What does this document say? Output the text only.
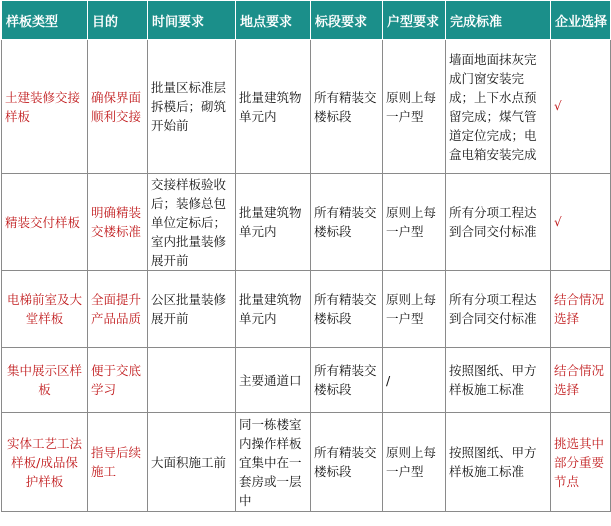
样板类型	目的	时间要求	地点要求	标段要求	户型要求	完成标准	企业选择
土建装修交接样板	确保界面顺利交接	批量区标准层拆模后；砌筑开始前	批量建筑物单元内	所有精装交楼标段	原则上每一户型	墙面地面抹灰完成门窗安装完成；上下水点预留完成；煤气管道定位完成；电盒电箱安装完成	√
精装交付样板	明确精装交楼标准	交接样板验收后；装修总包单位定标后；室内批量装修展开前	批量建筑物单元内	所有精装交楼标段	原则上每一户型	所有分项工程达到合同交付标准	√
电梯前室及大堂样板	全面提升产品品质	公区批量装修展开前	批量建筑物单元内	所有精装交楼标段	原则上每一户型	所有分项工程达到合同交付标准	结合情况选择
集中展示区样板	便于交底学习		主要通道口	所有精装交楼标段	/	按照图纸、甲方样板施工标准	结合情况选择
实体工艺工法样板/成品保护样板	指导后续施工	大面积施工前	同一栋楼室内操作样板宜集中在一套房或一层中	所有精装交楼标段	原则上每一户型	按照图纸、甲方样板施工标准	挑选其中部分重要节点
